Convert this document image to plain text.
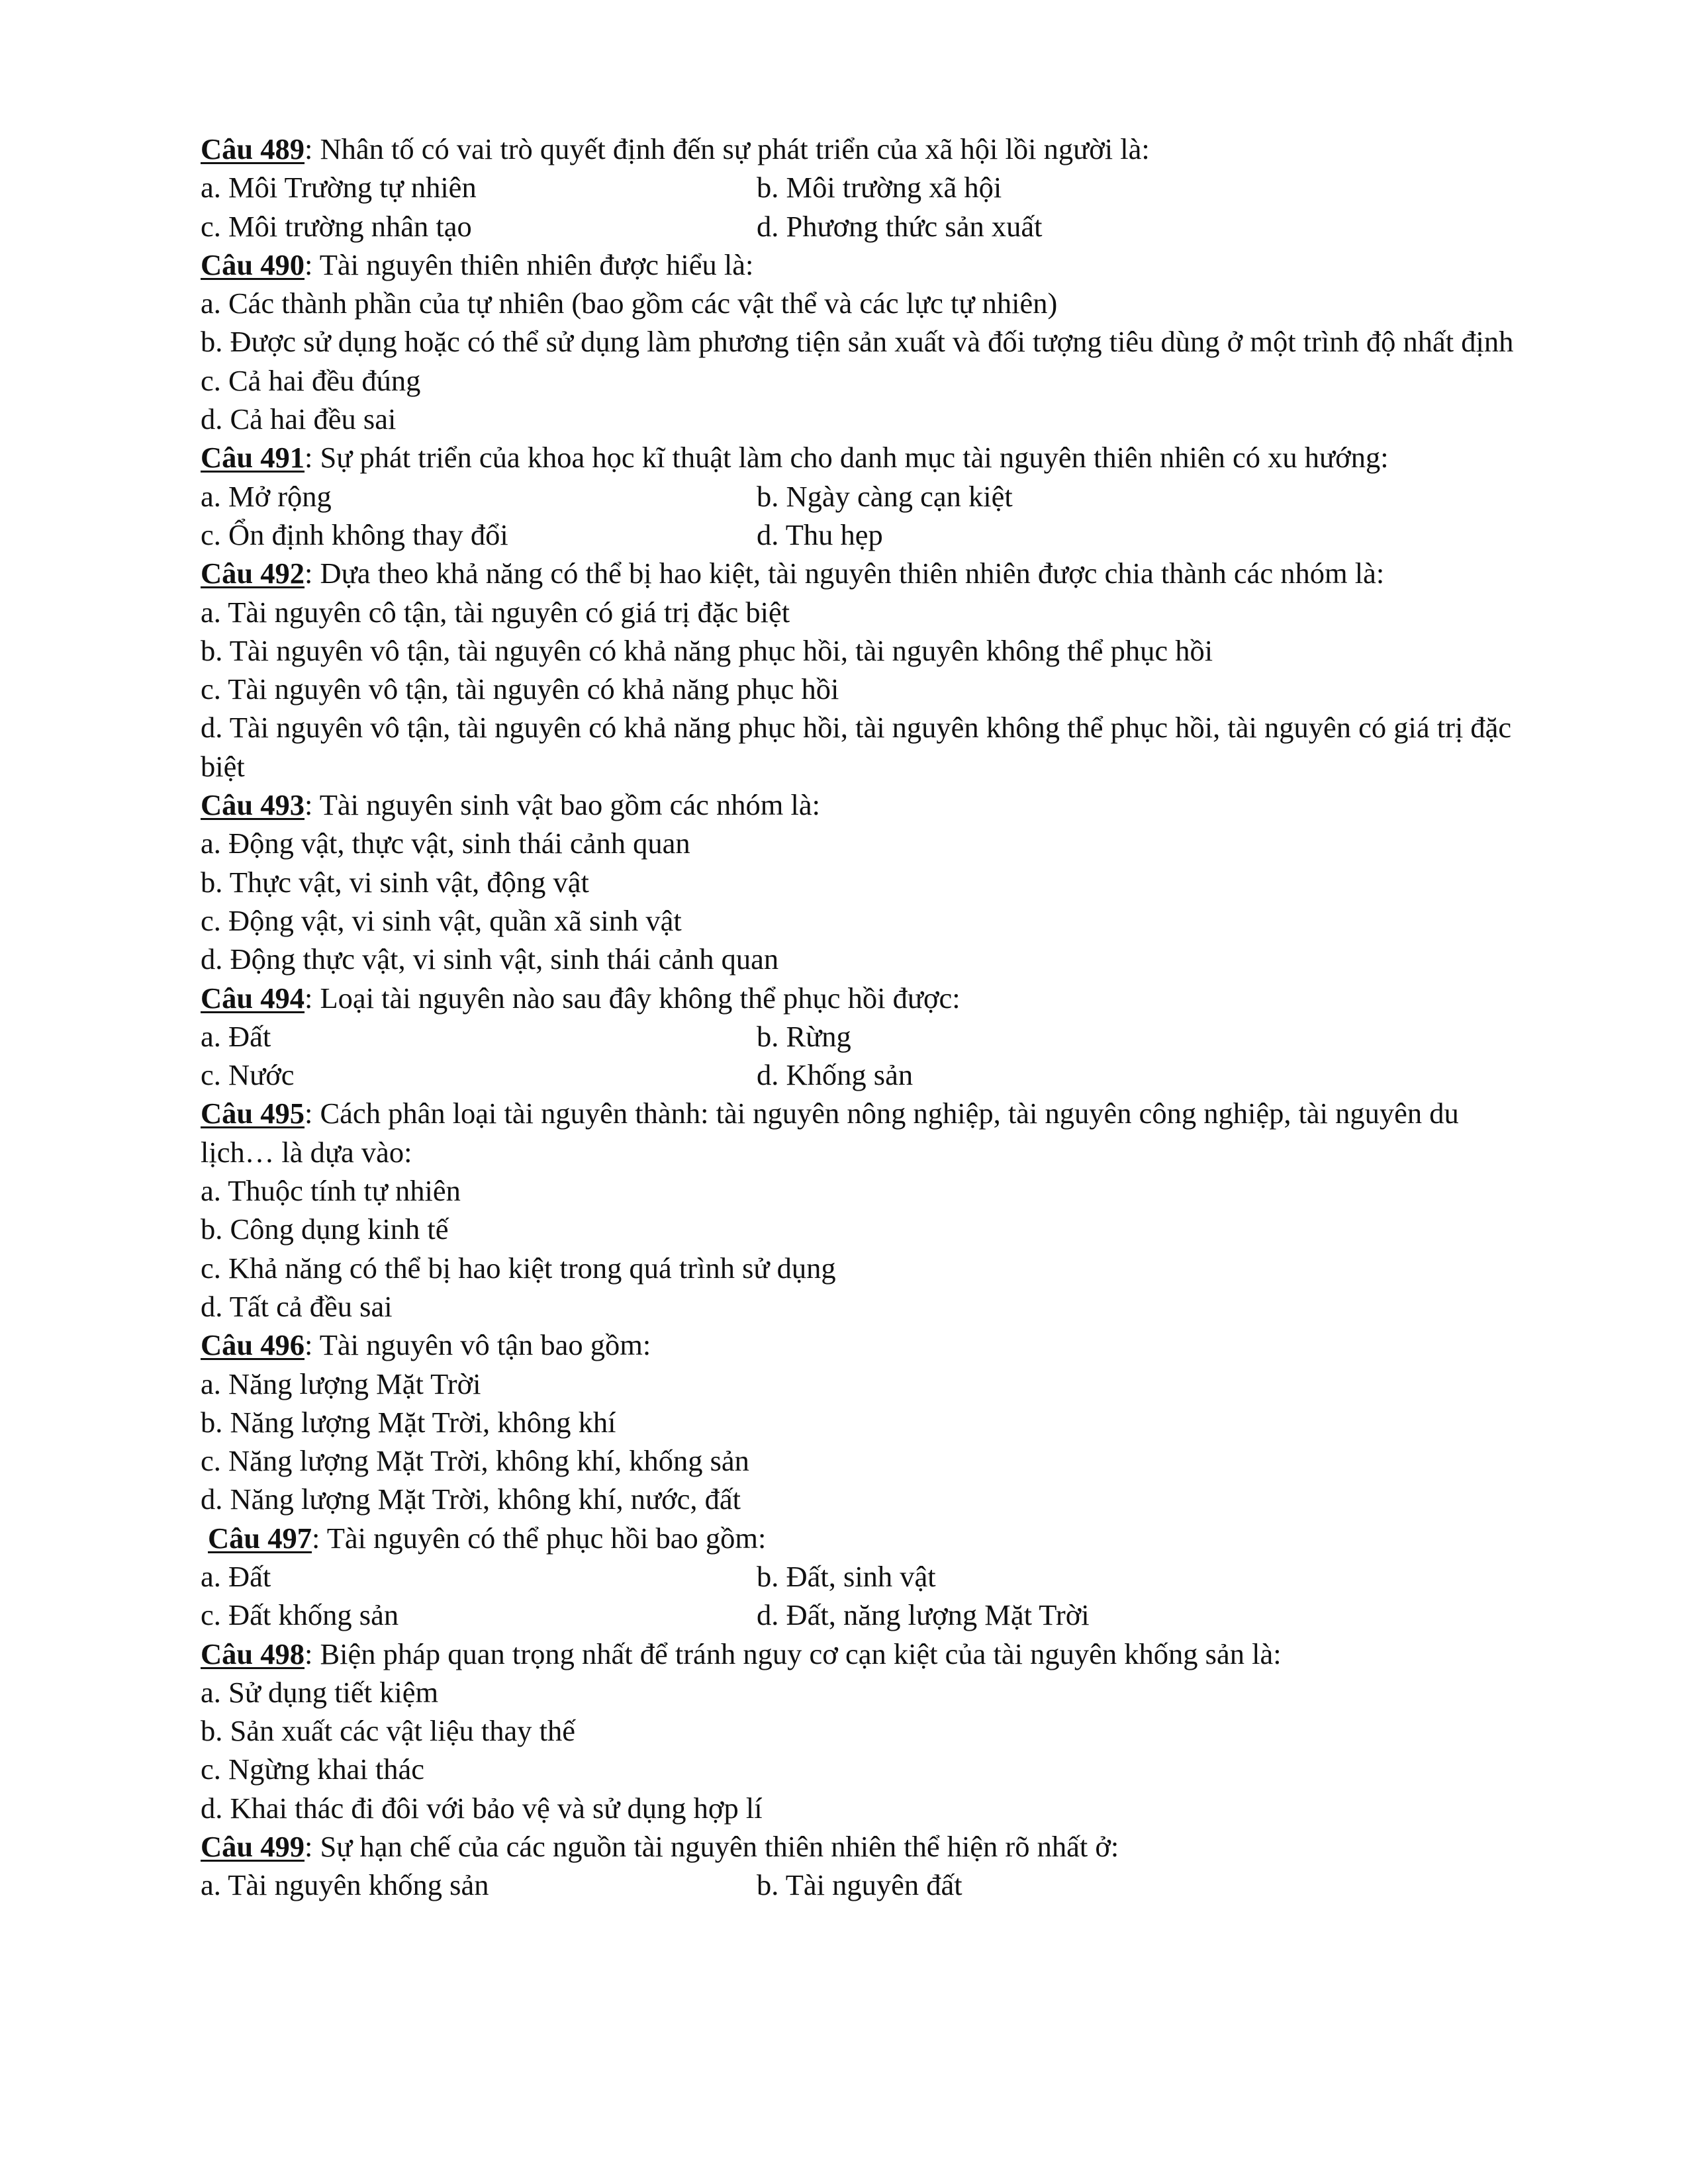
Câu 489: Nhân tố có vai trò quyết định đến sự phát triển của xã hội lồi người là:
a. Môi Trường tự nhiên	b. Môi trường xã hội
c. Môi trường nhân tạo	d. Phương thức sản xuất
Câu 490: Tài nguyên thiên nhiên được hiểu là:
a. Các thành phần của tự nhiên (bao gồm các vật thể và các lực tự nhiên)
b. Được sử dụng hoặc có thể sử dụng làm phương tiện sản xuất và đối tượng tiêu dùng ở một trình độ nhất định
c. Cả hai đều đúng
d. Cả hai đều sai
Câu 491: Sự phát triển của khoa học kĩ thuật làm cho danh mục tài nguyên thiên nhiên có xu hướng:
a. Mở rộng	b. Ngày càng cạn kiệt
c. Ổn định không thay đổi	d. Thu hẹp
Câu 492: Dựa theo khả năng có thể bị hao kiệt, tài nguyên thiên nhiên được chia thành các nhóm là:
a. Tài nguyên cô tận, tài nguyên có giá trị đặc biệt
b. Tài nguyên vô tận, tài nguyên có khả năng phục hồi, tài nguyên không thể phục hồi
c. Tài nguyên vô tận, tài nguyên có khả năng phục hồi
d. Tài nguyên vô tận, tài nguyên có khả năng phục hồi, tài nguyên không thể phục hồi, tài nguyên có giá trị đặc biệt
Câu 493: Tài nguyên sinh vật bao gồm các nhóm là:
a. Động vật, thực vật, sinh thái cảnh quan
b. Thực vật, vi sinh vật, động vật
c. Động vật, vi sinh vật, quần xã sinh vật
d. Động thực vật, vi sinh vật, sinh thái cảnh quan
Câu 494: Loại tài nguyên nào sau đây không thể phục hồi được:
a. Đất	b. Rừng
c. Nước	d. Khống sản
Câu 495: Cách phân loại tài nguyên thành: tài nguyên nông nghiệp, tài nguyên công nghiệp, tài nguyên du lịch… là dựa vào:
a. Thuộc tính tự nhiên
b. Công dụng kinh tế
c. Khả năng có thể bị hao kiệt trong quá trình sử dụng
d. Tất cả đều sai
Câu 496: Tài nguyên vô tận bao gồm:
a. Năng lượng Mặt Trời
b. Năng lượng Mặt Trời, không khí
c. Năng lượng Mặt Trời, không khí, khống sản
d. Năng lượng Mặt Trời, không khí, nước, đất
Câu 497: Tài nguyên có thể phục hồi bao gồm:
a. Đất	b. Đất, sinh vật
c. Đất khống sản	d. Đất, năng lượng Mặt Trời
Câu 498: Biện pháp quan trọng nhất để tránh nguy cơ cạn kiệt của tài nguyên khống sản là:
a. Sử dụng tiết kiệm
b. Sản xuất các vật liệu thay thế
c. Ngừng khai thác
d. Khai thác đi đôi với bảo vệ và sử dụng hợp lí
Câu 499: Sự hạn chế của các nguồn tài nguyên thiên nhiên thể hiện rõ nhất ở:
a. Tài nguyên khống sản	b. Tài nguyên đất
